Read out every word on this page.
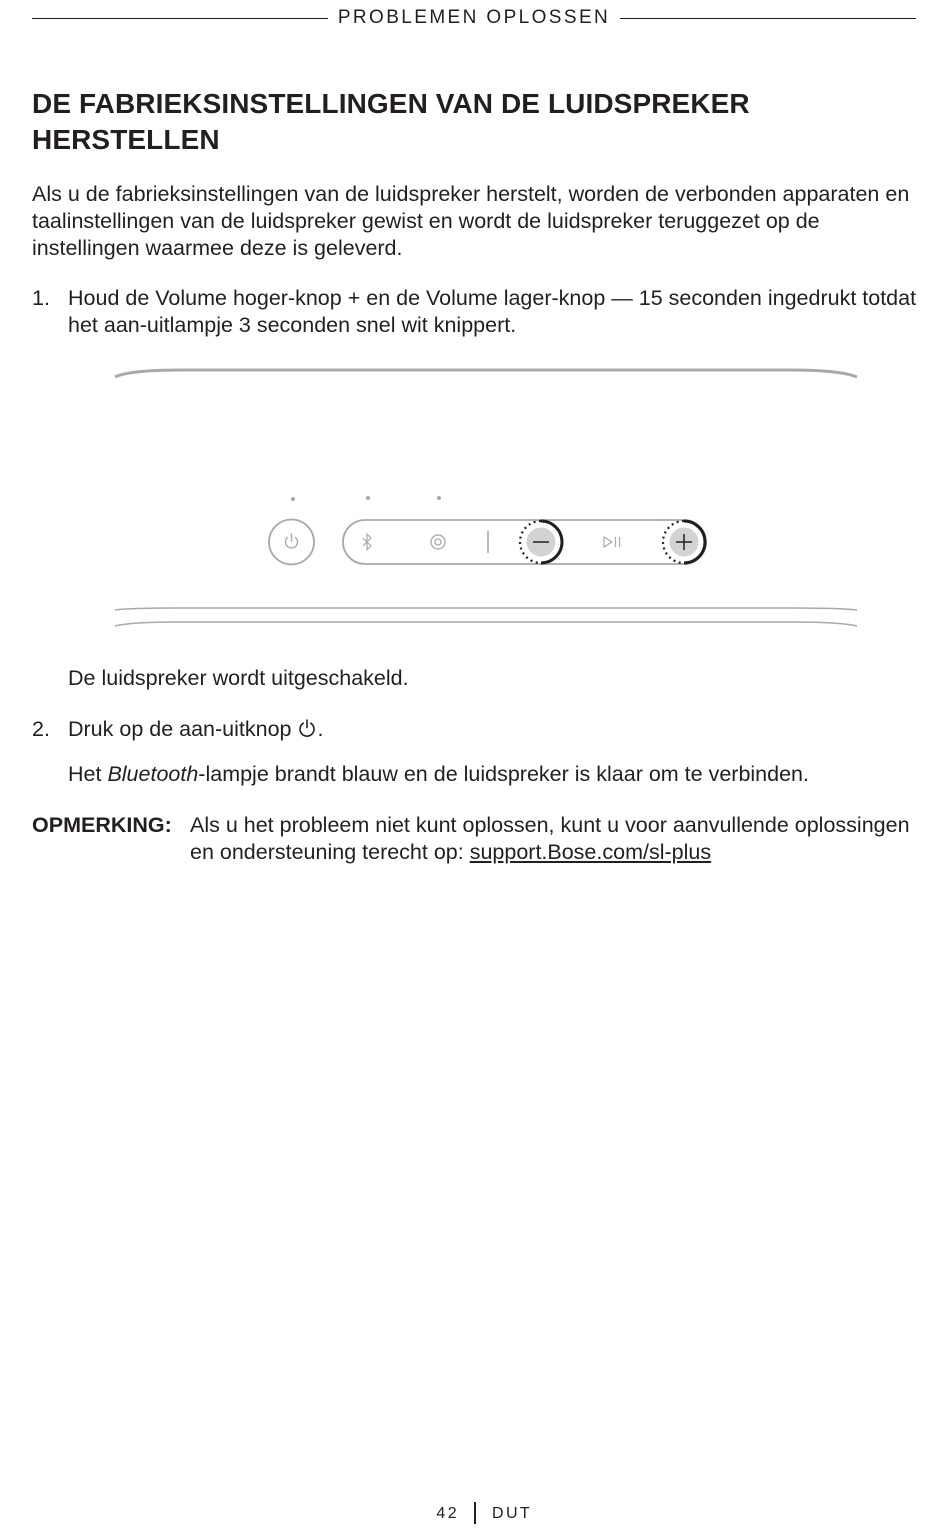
PROBLEMEN OPLOSSEN
DE FABRIEKSINSTELLINGEN VAN DE LUIDSPREKER HERSTELLEN

Als u de fabrieksinstellingen van de luidspreker herstelt, worden de verbonden apparaten en taalinstellingen van de luidspreker gewist en wordt de luidspreker teruggezet op de instellingen waarmee deze is geleverd.

1. Houd de Volume hoger-knop + en de Volume lager-knop — 15 seconden ingedrukt totdat het aan-uitlampje 3 seconden snel wit knippert.
De luidspreker wordt uitgeschakeld.
2. Druk op de aan-uitknop .
Het Bluetooth-lampje brandt blauw en de luidspreker is klaar om te verbinden.
OPMERKING: Als u het probleem niet kunt oplossen, kunt u voor aanvullende oplossingen en ondersteuning terecht op: support.Bose.com/sl-plus
42 DUT
